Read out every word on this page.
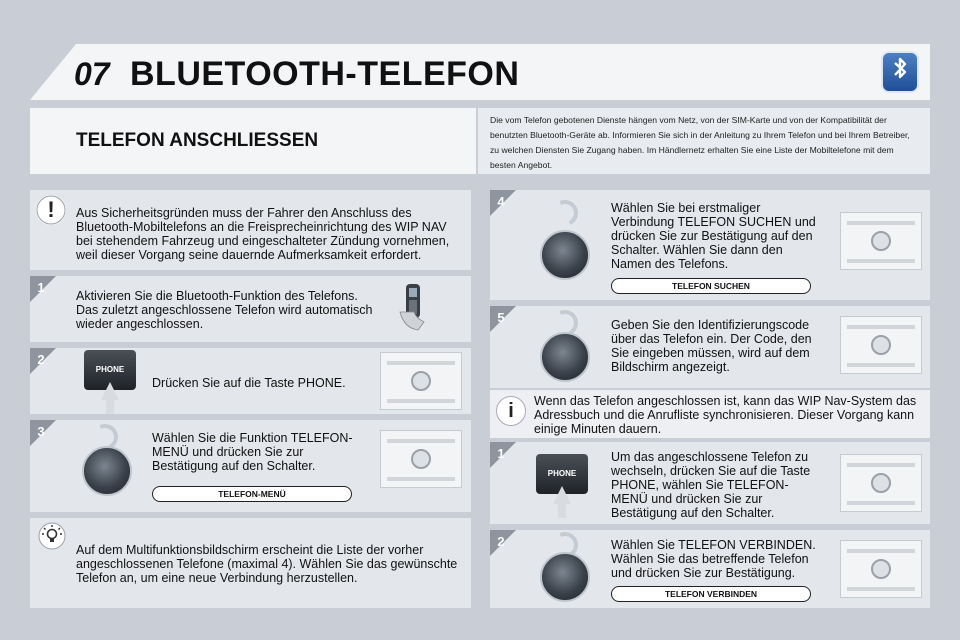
07 BLUETOOTH-TELEFON
TELEFON ANSCHLIESSEN
Die vom Telefon gebotenen Dienste hängen vom Netz, von der SIM-Karte und von der Kompatibilität der benutzten Bluetooth-Geräte ab. Informieren Sie sich in der Anleitung zu Ihrem Telefon und bei Ihrem Betreiber, zu welchen Diensten Sie Zugang haben. Im Händlernetz erhalten Sie eine Liste der Mobiltelefone mit dem besten Angebot.
!	Aus Sicherheitsgründen muss der Fahrer den Anschluss des Bluetooth-Mobiltelefons an die Freisprecheinrichtung des WIP NAV bei stehendem Fahrzeug und eingeschalteter Zündung vornehmen, weil dieser Vorgang seine dauernde Aufmerksamkeit erfordert.
1
Aktivieren Sie die Bluetooth-Funktion des Telefons. Das zuletzt angeschlossene Telefon wird automatisch wieder angeschlossen.
2
PHONE
Drücken Sie auf die Taste PHONE.
3	Wählen Sie die Funktion TELEFON-MENÜ und drücken Sie zur Bestätigung auf den Schalter.
TELEFON-MENÜ
Auf dem Multifunktionsbildschirm erscheint die Liste der vorher angeschlossenen Telefone (maximal 4). Wählen Sie das gewünschte Telefon an, um eine neue Verbindung herzustellen.
4	Wählen Sie bei erstmaliger Verbindung TELEFON SUCHEN und drücken Sie zur Bestätigung auf den Schalter. Wählen Sie dann den Namen des Telefons.
TELEFON SUCHEN
5	Geben Sie den Identifizierungscode über das Telefon ein. Der Code, den Sie eingeben müssen, wird auf dem Bildschirm angezeigt.
i	Wenn das Telefon angeschlossen ist, kann das WIP Nav-System das Adressbuch und die Anrufliste synchronisieren. Dieser Vorgang kann einige Minuten dauern.
1
PHONE
Um das angeschlossene Telefon zu wechseln, drücken Sie auf die Taste PHONE, wählen Sie TELEFON-MENÜ und drücken Sie zur Bestätigung auf den Schalter.
2	Wählen Sie TELEFON VERBINDEN. Wählen Sie das betreffende Telefon und drücken Sie zur Bestätigung.
TELEFON VERBINDEN
